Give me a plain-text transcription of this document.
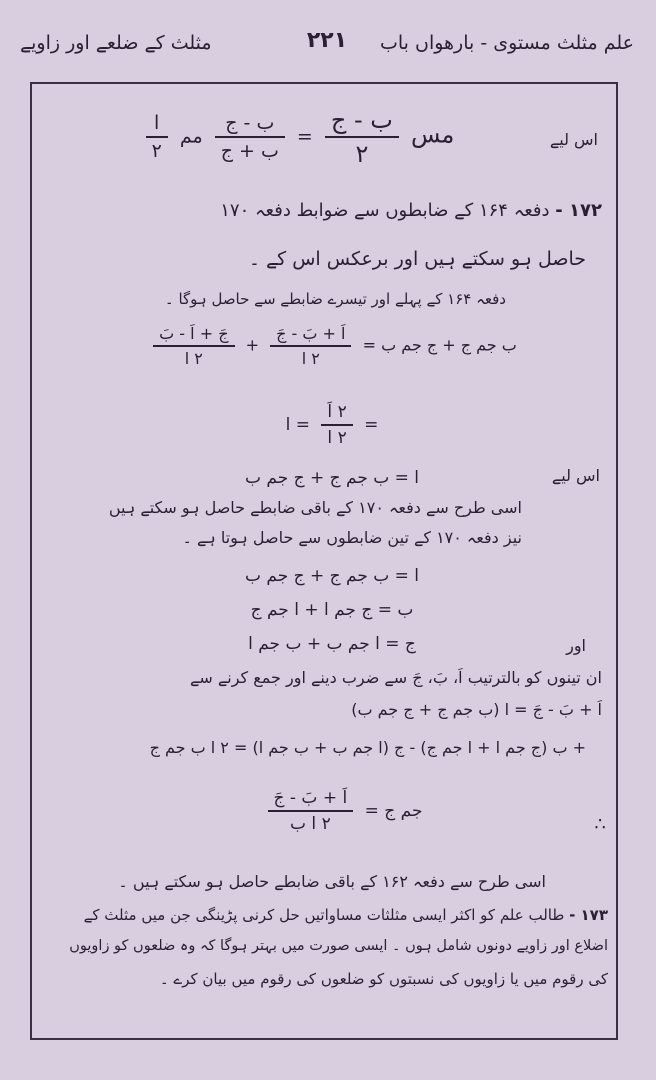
علم مثلث مستوی - بارھواں باب
۲۲۱
مثلث کے ضلعے اور زاویے
اس لیے
مس
$\frac{\text{ب - ج}}{۲}$
=
$\frac{\text{ب - ج}}{\text{ب + ج}}$
مم
$\frac{\text{ا}}{۲}$
۱۷۲ - دفعہ ۱۶۴ کے ضابطوں سے ضوابط دفعہ ۱۷۰
حاصل ہو سکتے ہیں اور برعکس اس کے ۔
دفعہ ۱۶۴ کے پہلے اور تیسرے ضابطے سے حاصل ہوگا ۔
ب جم ج + ج جم ب =
$\frac{\text{اَ + بَ - جَ}}{\text{۲ ا}}$
+
$\frac{\text{جَ + اَ - بَ}}{\text{۲ ا}}$
=
$\frac{\text{۲ اَ}}{\text{۲ ا}}$
= ا
اس لیے
ا = ب جم ج + ج جم ب
اسی طرح سے دفعہ ۱۷۰ کے باقی ضابطے حاصل ہو سکتے ہیں
نیز دفعہ ۱۷۰ کے تین ضابطوں سے حاصل ہوتا ہے ۔
ا = ب جم ج + ج جم ب
ب = ج جم ا + ا جم ج
اور
ج = ا جم ب + ب جم ا
ان تینوں کو بالترتیب اَ، بَ، جَ سے ضرب دینے اور جمع کرنے سے
اَ + بَ - جَ = ا (ب جم ج + ج جم ب)
+ ب (ج جم ا + ا جم ج) - ج (ا جم ب + ب جم ا) = ۲ ا ب جم ج
∴
جم ج =
$\frac{\text{اَ + بَ - جَ}}{\text{۲ ا ب}}$
اسی طرح سے دفعہ ۱۶۲ کے باقی ضابطے حاصل ہو سکتے ہیں ۔
۱۷۳ - طالب علم کو اکثر ایسی مثلثات مساواتیں حل کرنی پڑینگی جن میں مثلث کے
اضلاع اور زاویے دونوں شامل ہوں ۔ ایسی صورت میں بہتر ہوگا کہ وہ ضلعوں کو زاویوں
کی رقوم میں یا زاویوں کی نسبتوں کو ضلعوں کی رقوم میں بیان کرے ۔
